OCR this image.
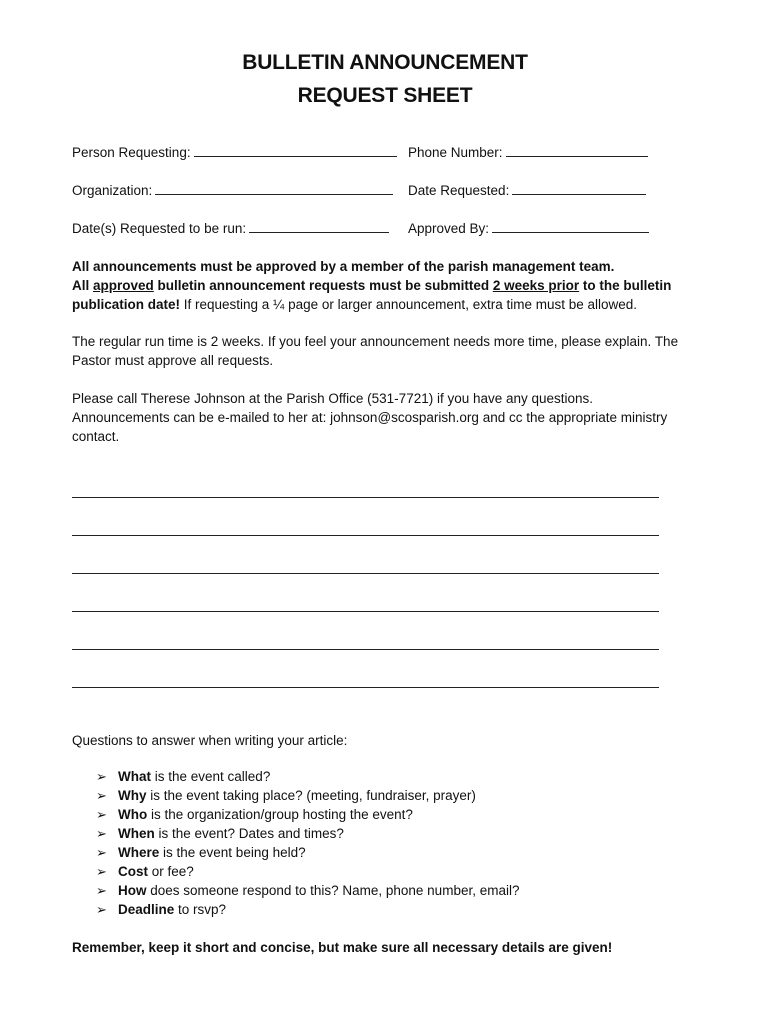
BULLETIN ANNOUNCEMENT
REQUEST SHEET
Person Requesting:	Phone Number:
Organization:	Date Requested:
Date(s) Requested to be run:	Approved By:
All announcements must be approved by a member of the parish management team.
All approved bulletin announcement requests must be submitted 2 weeks prior to the bulletin publication date! If requesting a ¼ page or larger announcement, extra time must be allowed.
The regular run time is 2 weeks. If you feel your announcement needs more time, please explain. The Pastor must approve all requests.
Please call Therese Johnson at the Parish Office (531-7721) if you have any questions. Announcements can be e-mailed to her at: johnson@scosparish.org and cc the appropriate ministry contact.
Questions to answer when writing your article:
➢ What is the event called?
➢ Why is the event taking place? (meeting, fundraiser, prayer)
➢ Who is the organization/group hosting the event?
➢ When is the event? Dates and times?
➢ Where is the event being held?
➢ Cost or fee?
➢ How does someone respond to this? Name, phone number, email?
➢ Deadline to rsvp?
Remember, keep it short and concise, but make sure all necessary details are given!
